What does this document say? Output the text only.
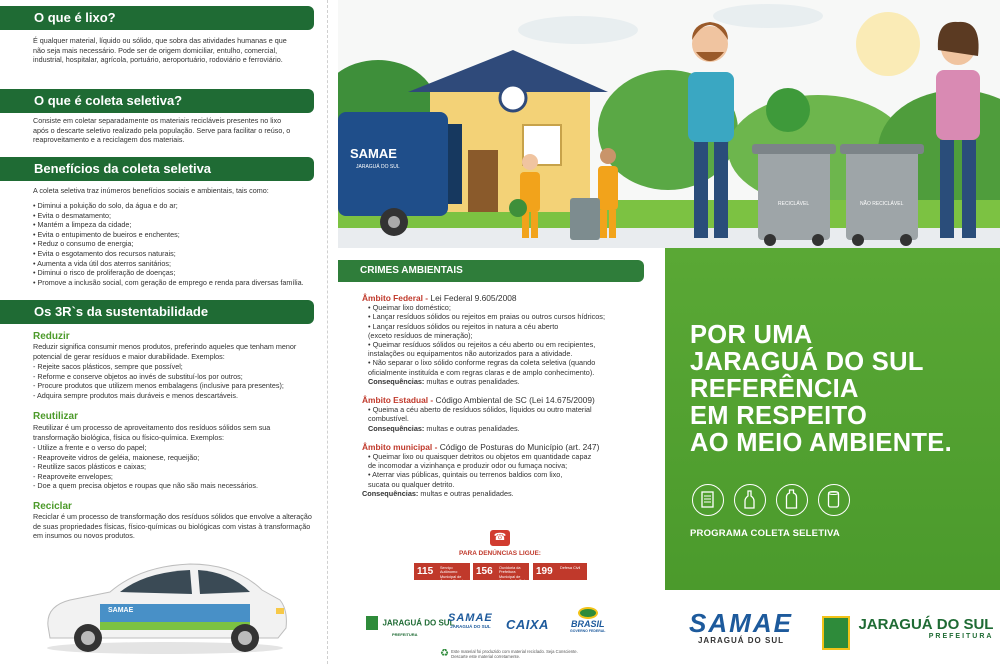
O que é lixo?
É qualquer material, líquido ou sólido, que sobra das atividades humanas e que não seja mais necessário. Pode ser de origem domiciliar, entulho, comercial, industrial, hospitalar, agrícola, portuário, aeroportuário, rodoviário e ferroviário.
O que é coleta seletiva?
Consiste em coletar separadamente os materiais recicláveis presentes no lixo após o descarte seletivo realizado pela população. Serve para facilitar o reúso, o reaproveitamento e a reciclagem dos materiais.
Benefícios da coleta seletiva
A coleta seletiva traz inúmeros benefícios sociais e ambientais, tais como:
• Diminui a poluição do solo, da água e do ar;
• Evita o desmatamento;
• Mantém a limpeza da cidade;
• Evita o entupimento de bueiros e enchentes;
• Reduz o consumo de energia;
• Evita o esgotamento dos recursos naturais;
• Aumenta a vida útil dos aterros sanitários;
• Diminui o risco de proliferação de doenças;
• Promove a inclusão social, com geração de emprego e renda para diversas família.
Os 3R`s da sustentabilidade
Reduzir
Reduzir significa consumir menos produtos, preferindo aqueles que tenham menor potencial de gerar resíduos e maior durabilidade. Exemplos:
- Rejeite sacos plásticos, sempre que possível;
- Reforme e conserve objetos ao invés de substituí-los por outros;
- Procure produtos que utilizem menos embalagens (inclusive para presentes);
- Adquira sempre produtos mais duráveis e menos descartáveis.
Reutilizar
Reutilizar é um processo de aproveitamento dos resíduos sólidos sem sua transformação biológica, física ou físico-química. Exemplos:
- Utilize a frente e o verso do papel;
- Reaproveite vidros de geléia, maionese, requeijão;
- Reutilize sacos plásticos e caixas;
- Reaproveite envelopes;
- Doe a quem precisa objetos e roupas que não são mais necessários.
Reciclar
Reciclar é um processo de transformação dos resíduos sólidos que envolve a alteração de suas propriedades físicas, físico-químicas ou biológicas com vistas à transformação em insumos ou novos produtos.
SAMAE
SAMAE
JARAGUÁ DO SUL
RECICLÁVEL	NÃO RECICLÁVEL
CRIMES AMBIENTAIS
Âmbito Federal - Lei Federal 9.605/2008
• Queimar lixo doméstico;
• Lançar resíduos sólidos ou rejeitos em praias ou outros cursos hídricos;
• Lançar resíduos sólidos ou rejeitos in natura a céu aberto
(exceto resíduos de mineração);
• Queimar resíduos sólidos ou rejeitos a céu aberto ou em recipientes,
instalações ou equipamentos não autorizados para a atividade.
• Não separar o lixo sólido conforme regras da coleta seletiva (quando
oficialmente instituída e com regras claras e de amplo conhecimento).
Consequências: multas e outras penalidades.
Âmbito Estadual - Código Ambiental de SC (Lei 14.675/2009)
• Queima a céu aberto de resíduos sólidos, líquidos ou outro material
combustível.
Consequências: multas e outras penalidades.
Âmbito municipal - Código de Posturas do Município (art. 247)
• Queimar lixo ou quaisquer detritos ou objetos em quantidade capaz
de incomodar a vizinhança e produzir odor ou fumaça nociva;
• Aterrar vias públicas, quintais ou terrenos baldios com lixo,
sucata ou qualquer detrito.
Consequências: multas e outras penalidades.
☎
PARA DENÚNCIAS LIGUE:
115 Serviço Autônomo Municipal de Água e Esgoto
156 Ouvidoria da Prefeitura Municipal de Jaraguá do Sul
199 Defesa Civil
POR UMA
JARAGUÁ DO SUL
REFERÊNCIA
EM RESPEITO
AO MEIO AMBIENTE.
PROGRAMA COLETA SELETIVA
JARAGUÁ DO SUL
PREFEITURA
SAMAE
JARAGUÁ DO SUL CAIXA BRASIL
GOVERNO FEDERAL	SAMAE
JARAGUÁ DO SUL

JARAGUÁ DO SUL
PREFEITURA
♻ Este material foi produzido com material reciclado. Seja Consciente. Descarte este material corretamente.
